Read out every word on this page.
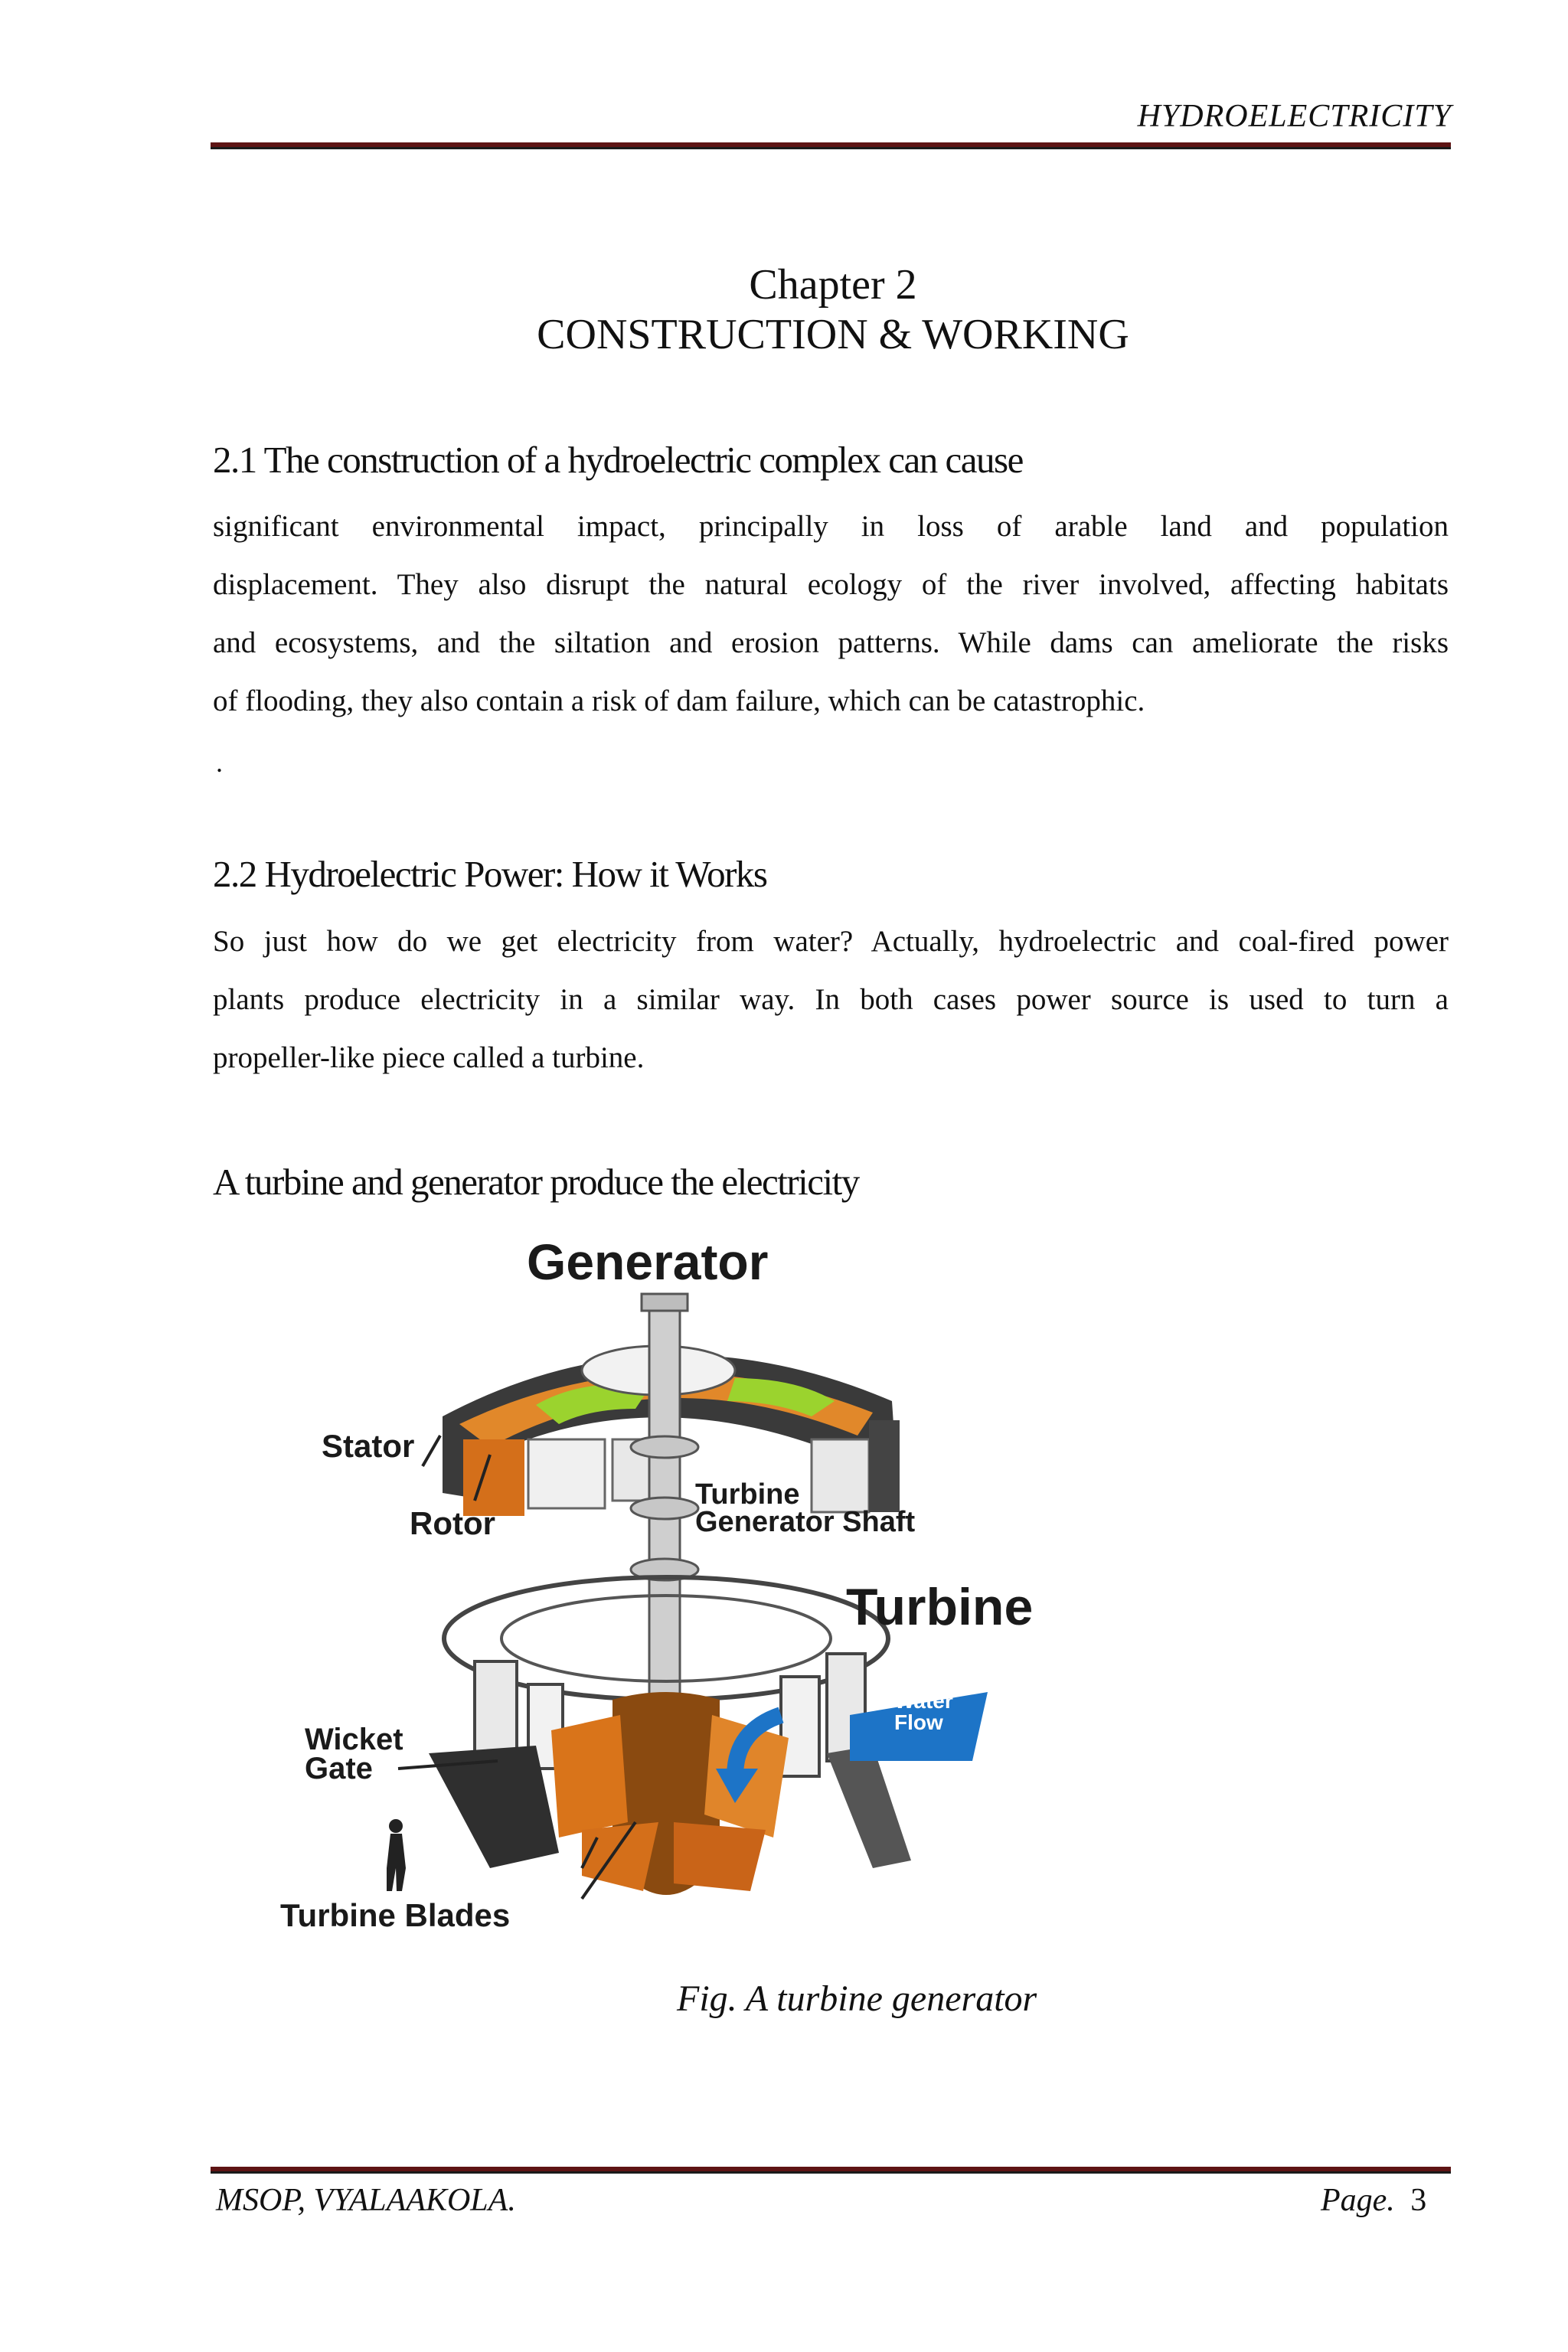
HYDROELECTRICITY
Chapter 2
CONSTRUCTION & WORKING
2.1 The construction of a hydroelectric complex can cause

significant environmental impact, principally in loss of arable land and population

displacement. They also disrupt the natural ecology of the river involved, affecting habitats

and ecosystems, and the siltation and erosion patterns. While dams can ameliorate the risks

of flooding, they also contain a risk of dam failure, which can be catastrophic.

.
2.2 Hydroelectric Power: How it Works

So just how do we get electricity from water? Actually, hydroelectric and coal-fired power

plants produce electricity in a similar way. In both cases power source is used to turn a

propeller-like piece called a turbine.

A turbine and generator produce the electricity
Generator
Stator
Rotor
Turbine
Generator Shaft
Turbine
Water
Flow
Wicket
Gate
Turbine Blades
Fig. A turbine generator
MSOP, VYALAAKOLA.	Page. 3
